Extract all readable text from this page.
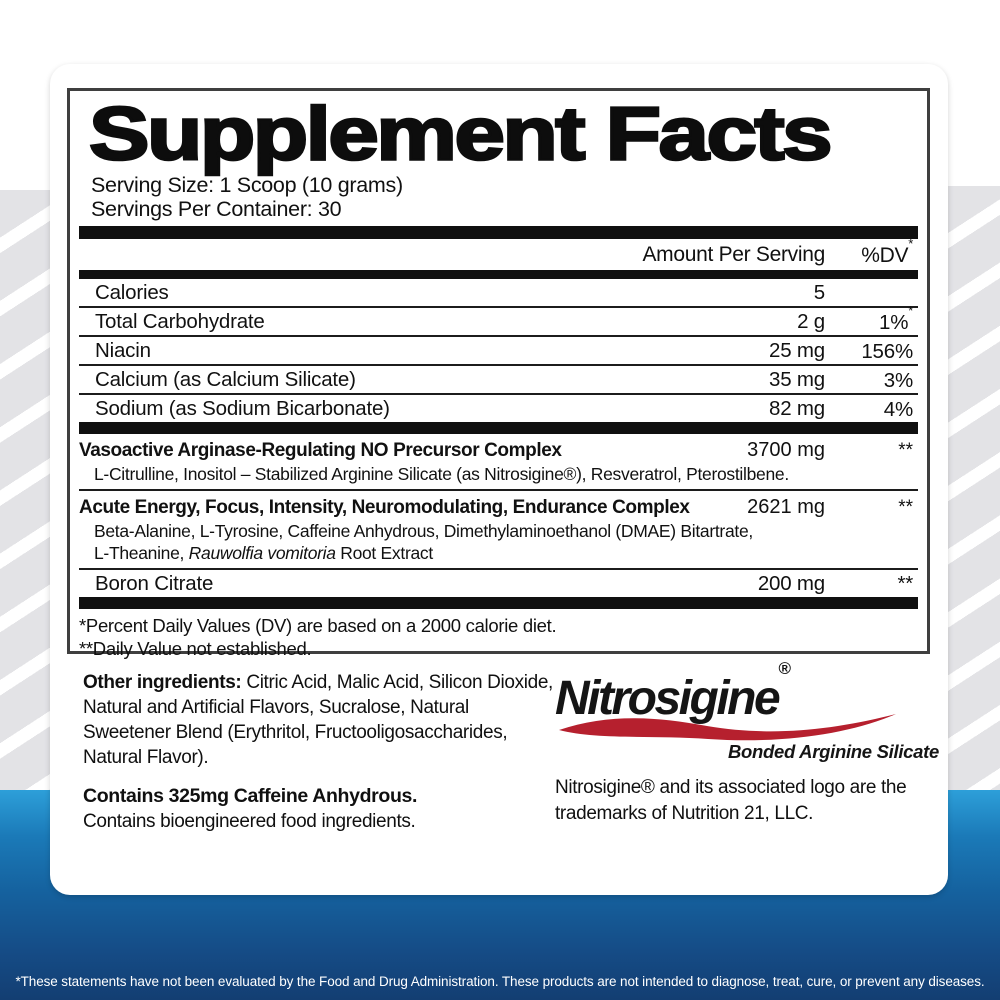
Supplement Facts
Serving Size: 1 Scoop (10 grams)
Servings Per Container: 30
Amount Per Serving	%DV*
Calories	5
Total Carbohydrate	2 g	1%*
Niacin	25 mg	156%
Calcium (as Calcium Silicate)	35 mg	3%
Sodium (as Sodium Bicarbonate)	82 mg	4%
Vasoactive Arginase-Regulating NO Precursor Complex	3700 mg	**
L-Citrulline, Inositol – Stabilized Arginine Silicate (as Nitrosigine®), Resveratrol, Pterostilbene.
Acute Energy, Focus, Intensity, Neuromodulating, Endurance Complex	2621 mg	**
Beta-Alanine, L-Tyrosine, Caffeine Anhydrous, Dimethylaminoethanol (DMAE) Bitartrate,
L-Theanine, Rauwolfia vomitoria Root Extract
Boron Citrate	200 mg	**
*Percent Daily Values (DV) are based on a 2000 calorie diet.
**Daily Value not established.
Other ingredients: Citric Acid, Malic Acid, Silicon Dioxide, Natural and Artificial Flavors, Sucralose, Natural Sweetener Blend (Erythritol, Fructooligosaccharides, Natural Flavor).
Contains 325mg Caffeine Anhydrous.
Contains bioengineered food ingredients.
Nitrosigine®
Bonded Arginine Silicate
Nitrosigine® and its associated logo are the trademarks of Nutrition 21, LLC.
*These statements have not been evaluated by the Food and Drug Administration. These products are not intended to diagnose, treat, cure, or prevent any diseases.
